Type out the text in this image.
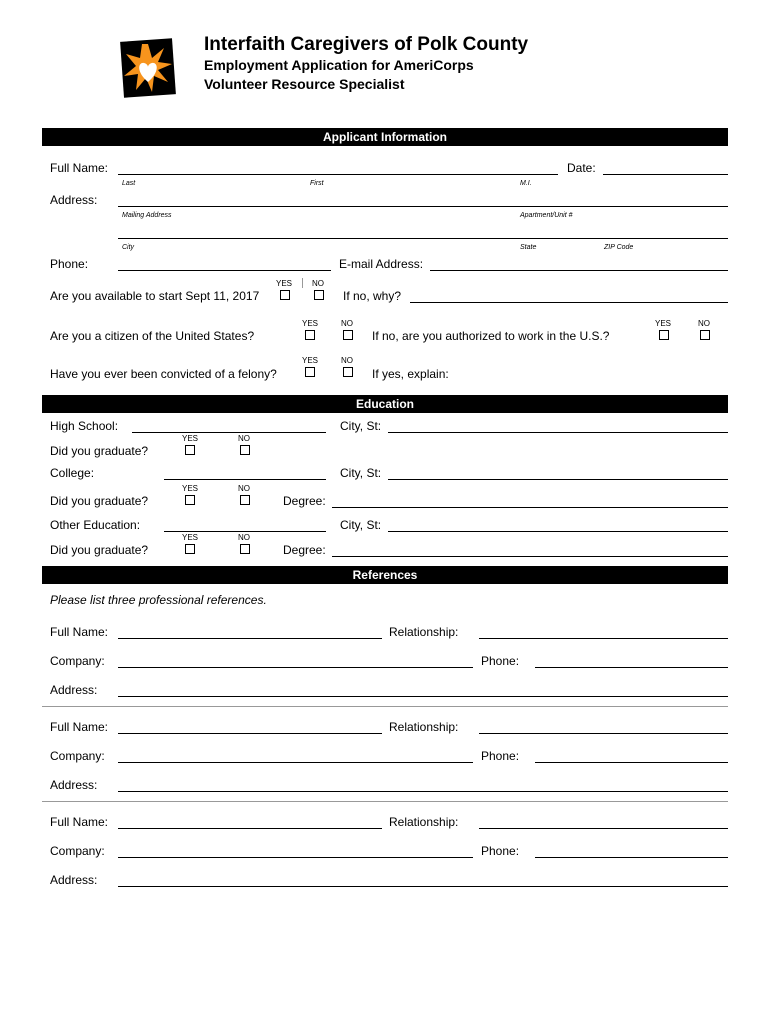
Interfaith Caregivers of Polk County
Employment Application for AmeriCorps
Volunteer Resource Specialist
Applicant Information
Full Name:	Date:
Last	First	M.I.
Address:
Mailing Address	Apartment/Unit #
City	State	ZIP Code
Phone:	E-mail Address:
YES NO
Are you available to start Sept 11, 2017	If no, why?
YES	NO	YES	NO
Are you a citizen of the United States?	If no, are you authorized to work in the U.S.?
YES	NO
Have you ever been convicted of a felony?	If yes, explain:
Education
High School:	City, St:
YES	NO
Did you graduate?
College:	City, St:
YES	NO
Did you graduate?	Degree:
Other Education:	City, St:
YES	NO
Did you graduate?	Degree:
References
Please list three professional references.
Full Name:	Relationship:
Company:	Phone:
Address:
Full Name:	Relationship:
Company:	Phone:
Address:
Full Name:	Relationship:
Company:	Phone:
Address:
